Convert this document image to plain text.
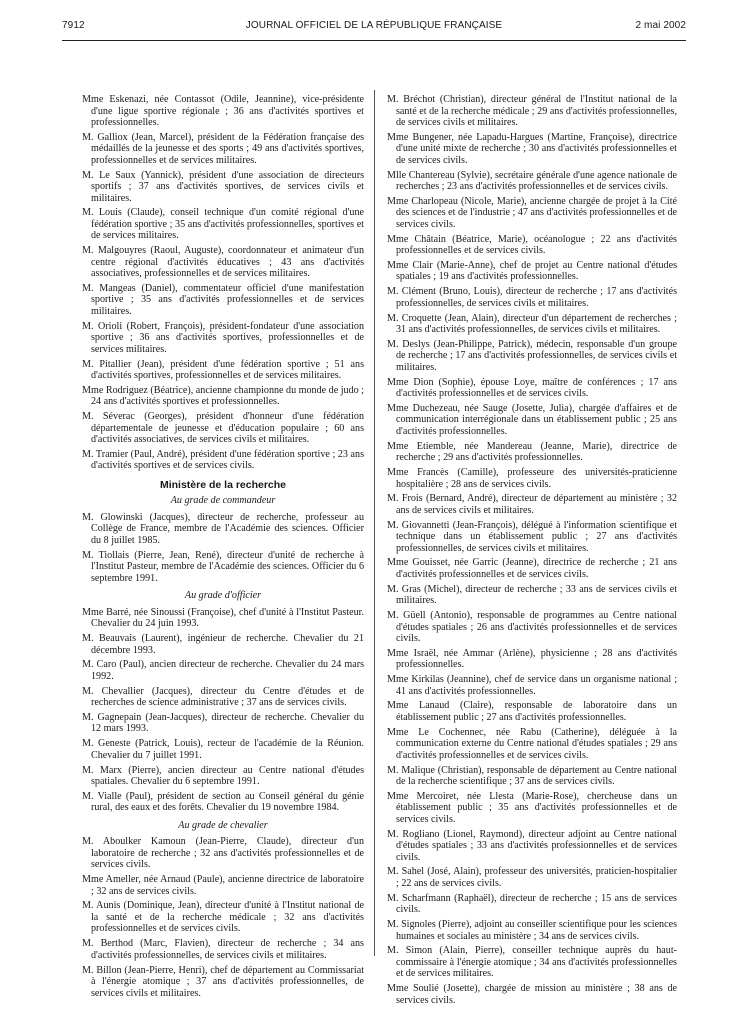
7912	JOURNAL OFFICIEL DE LA RÉPUBLIQUE FRANÇAISE	2 mai 2002

Mme Eskenazi, née Contassot (Odile, Jeannine), vice-présidente d'une ligue sportive régionale ; 36 ans d'activités sportives et professionnelles.

M. Galliox (Jean, Marcel), président de la Fédération française des médaillés de la jeunesse et des sports ; 49 ans d'activités sportives, professionnelles et de services militaires.

M. Le Saux (Yannick), président d'une association de directeurs sportifs ; 37 ans d'activités sportives, de services civils et militaires.

M. Louis (Claude), conseil technique d'un comité régional d'une fédération sportive ; 35 ans d'activités professionnelles, sportives et de services militaires.

M. Malgouyres (Raoul, Auguste), coordonnateur et animateur d'un centre régional d'activités éducatives ; 43 ans d'activités associatives, professionnelles et de services militaires.

M. Mangeas (Daniel), commentateur officiel d'une manifestation sportive ; 35 ans d'activités professionnelles et de services militaires.

M. Orioli (Robert, François), président-fondateur d'une association sportive ; 36 ans d'activités sportives, professionnelles et de services militaires.

M. Pitallier (Jean), président d'une fédération sportive ; 51 ans d'activités sportives, professionnelles et de services militaires.

Mme Rodriguez (Béatrice), ancienne championne du monde de judo ; 24 ans d'activités sportives et professionnelles.

M. Séverac (Georges), président d'honneur d'une fédération départementale de jeunesse et d'éducation populaire ; 60 ans d'activités associatives, de services civils et militaires.

M. Tramier (Paul, André), président d'une fédération sportive ; 23 ans d'activités sportives et de services civils.

Ministère de la recherche
Au grade de commandeur

M. Glowinski (Jacques), directeur de recherche, professeur au Collège de France, membre de l'Académie des sciences. Officier du 8 juillet 1985.

M. Tiollais (Pierre, Jean, René), directeur d'unité de recherche à l'Institut Pasteur, membre de l'Académie des sciences. Officier du 6 septembre 1991.

Au grade d'officier

Mme Barré, née Sinoussi (Françoise), chef d'unité à l'Institut Pasteur. Chevalier du 24 juin 1993.

M. Beauvais (Laurent), ingénieur de recherche. Chevalier du 21 décembre 1993.

M. Caro (Paul), ancien directeur de recherche. Chevalier du 24 mars 1992.

M. Chevallier (Jacques), directeur du Centre d'études et de recherches de science administrative ; 37 ans de services civils.

M. Gagnepain (Jean-Jacques), directeur de recherche. Chevalier du 12 mars 1993.

M. Geneste (Patrick, Louis), recteur de l'académie de la Réunion. Chevalier du 7 juillet 1991.

M. Marx (Pierre), ancien directeur au Centre national d'études spatiales. Chevalier du 6 septembre 1991.

M. Vialle (Paul), président de section au Conseil général du génie rural, des eaux et des forêts. Chevalier du 19 novembre 1984.

Au grade de chevalier

M. Aboulker Kamoun (Jean-Pierre, Claude), directeur d'un laboratoire de recherche ; 32 ans d'activités professionnelles et de services civils.

Mme Ameller, née Arnaud (Paule), ancienne directrice de laboratoire ; 32 ans de services civils.

M. Aunis (Dominique, Jean), directeur d'unité à l'Institut national de la santé et de la recherche médicale ; 32 ans d'activités professionnelles et de services civils.

M. Berthod (Marc, Flavien), directeur de recherche ; 34 ans d'activités professionnelles, de services civils et militaires.

M. Billon (Jean-Pierre, Henri), chef de département au Commissariat à l'énergie atomique ; 37 ans d'activités professionnelles, de services civils et militaires.

M. Bréchot (Christian), directeur général de l'Institut national de la santé et de la recherche médicale ; 29 ans d'activités professionnelles, de services civils et militaires.

Mme Bungener, née Lapadu-Hargues (Martine, Françoise), directrice d'une unité mixte de recherche ; 30 ans d'activités professionnelles et de services civils.

Mlle Chantereau (Sylvie), secrétaire générale d'une agence nationale de recherches ; 23 ans d'activités professionnelles et de services civils.

Mme Charlopeau (Nicole, Marie), ancienne chargée de projet à la Cité des sciences et de l'industrie ; 47 ans d'activités professionnelles et de services civils.

Mme Châtain (Béatrice, Marie), océanologue ; 22 ans d'activités professionnelles et de services civils.

Mme Clair (Marie-Anne), chef de projet au Centre national d'études spatiales ; 19 ans d'activités professionnelles.

M. Clément (Bruno, Louis), directeur de recherche ; 17 ans d'activités professionnelles, de services civils et militaires.

M. Croquette (Jean, Alain), directeur d'un département de recherches ; 31 ans d'activités professionnelles, de services civils et militaires.

M. Deslys (Jean-Philippe, Patrick), médecin, responsable d'un groupe de recherche ; 17 ans d'activités professionnelles, de services civils et militaires.

Mme Dion (Sophie), épouse Loye, maître de conférences ; 17 ans d'activités professionnelles et de services civils.

Mme Duchezeau, née Sauge (Josette, Julia), chargée d'affaires et de communication interrégionale dans un établissement public ; 25 ans d'activités professionnelles.

Mme Etiemble, née Mandereau (Jeanne, Marie), directrice de recherche ; 29 ans d'activités professionnelles.

Mme Francès (Camille), professeure des universités-praticienne hospitalière ; 28 ans de services civils.

M. Frois (Bernard, André), directeur de département au ministère ; 32 ans de services civils et militaires.

M. Giovannetti (Jean-François), délégué à l'information scientifique et technique dans un établissement public ; 27 ans d'activités professionnelles, de services civils et militaires.

Mme Gouisset, née Garric (Jeanne), directrice de recherche ; 21 ans d'activités professionnelles et de services civils.

M. Gras (Michel), directeur de recherche ; 33 ans de services civils et militaires.

M. Güell (Antonio), responsable de programmes au Centre national d'études spatiales ; 26 ans d'activités professionnelles et de services civils.

Mme Israël, née Ammar (Arlène), physicienne ; 28 ans d'activités professionnelles.

Mme Kirkilas (Jeannine), chef de service dans un organisme national ; 41 ans d'activités professionnelles.

Mme Lanaud (Claire), responsable de laboratoire dans un établissement public ; 27 ans d'activités professionnelles.

Mme Le Cochennec, née Rabu (Catherine), déléguée à la communication externe du Centre national d'études spatiales ; 29 ans d'activités professionnelles et de services civils.

M. Malique (Christian), responsable de département au Centre national de la recherche scientifique ; 37 ans de services civils.

Mme Mercoiret, née Llesta (Marie-Rose), chercheuse dans un établissement public ; 35 ans d'activités professionnelles et de services civils.

M. Rogliano (Lionel, Raymond), directeur adjoint au Centre national d'études spatiales ; 33 ans d'activités professionnelles et de services civils.

M. Sahel (José, Alain), professeur des universités, praticien-hospitalier ; 22 ans de services civils.

M. Scharfmann (Raphaël), directeur de recherche ; 15 ans de services civils.

M. Signoles (Pierre), adjoint au conseiller scientifique pour les sciences humaines et sociales au ministère ; 34 ans de services civils.

M. Simon (Alain, Pierre), conseiller technique auprès du haut-commissaire à l'énergie atomique ; 34 ans d'activités professionnelles et de services militaires.

Mme Soulié (Josette), chargée de mission au ministère ; 38 ans de services civils.
